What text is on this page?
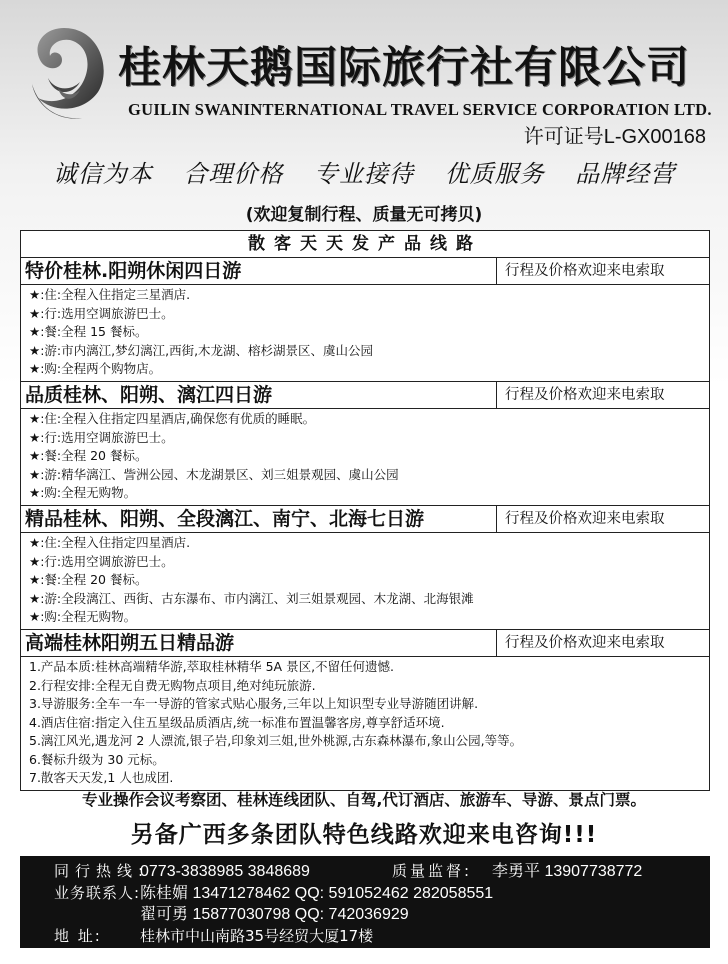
桂林天鹅国际旅行社有限公司
GUILIN SWANINTERNATIONAL TRAVEL SERVICE CORPORATION LTD.
许可证号L-GX00168
诚信为本 合理价格 专业接待 优质服务 品牌经营
(欢迎复制行程、质量无可拷贝)
散客天天发产品线路
特价桂林.阳朔休闲四日游	行程及价格欢迎来电索取
★:住:全程入住指定三星酒店.
★:行:选用空调旅游巴士。
★:餐:全程 15 餐标。
★:游:市内漓江,梦幻漓江,西街,木龙湖、榕杉湖景区、虞山公园
★:购:全程两个购物店。
品质桂林、阳朔、漓江四日游	行程及价格欢迎来电索取
★:住:全程入住指定四星酒店,确保您有优质的睡眠。
★:行:选用空调旅游巴士。
★:餐:全程 20 餐标。
★:游:精华漓江、訾洲公园、木龙湖景区、刘三姐景观园、虞山公园
★:购:全程无购物。
精品桂林、阳朔、全段漓江、南宁、北海七日游	行程及价格欢迎来电索取
★:住:全程入住指定四星酒店.
★:行:选用空调旅游巴士。
★:餐:全程 20 餐标。
★:游:全段漓江、西街、古东瀑布、市内漓江、刘三姐景观园、木龙湖、北海银滩
★:购:全程无购物。
高端桂林阳朔五日精品游	行程及价格欢迎来电索取
1.产品本质:桂林高端精华游,萃取桂林精华 5A 景区,不留任何遗憾.
2.行程安排:全程无自费无购物点项目,绝对纯玩旅游.
3.导游服务:全车一车一导游的管家式贴心服务,三年以上知识型专业导游随团讲解.
4.酒店住宿:指定入住五星级品质酒店,统一标准布置温馨客房,尊享舒适环境.
5.漓江风光,遇龙河 2 人漂流,银子岩,印象刘三姐,世外桃源,古东森林瀑布,象山公园,等等。
6.餐标升级为 30 元标。
7.散客天天发,1 人也成团.
专业操作会议考察团、桂林连线团队、自驾,代订酒店、旅游车、导游、景点门票。
另备广西多条团队特色线路欢迎来电咨询!!!
同行热线:
0773-3838985 3848689	质量监督:	李勇平 13907738772
业务联系人: 陈桂媚 13471278462 QQ: 591052462 282058551
翟可勇 15877030798 QQ: 742036929
地 址:	桂林市中山南路35号经贸大厦17楼
